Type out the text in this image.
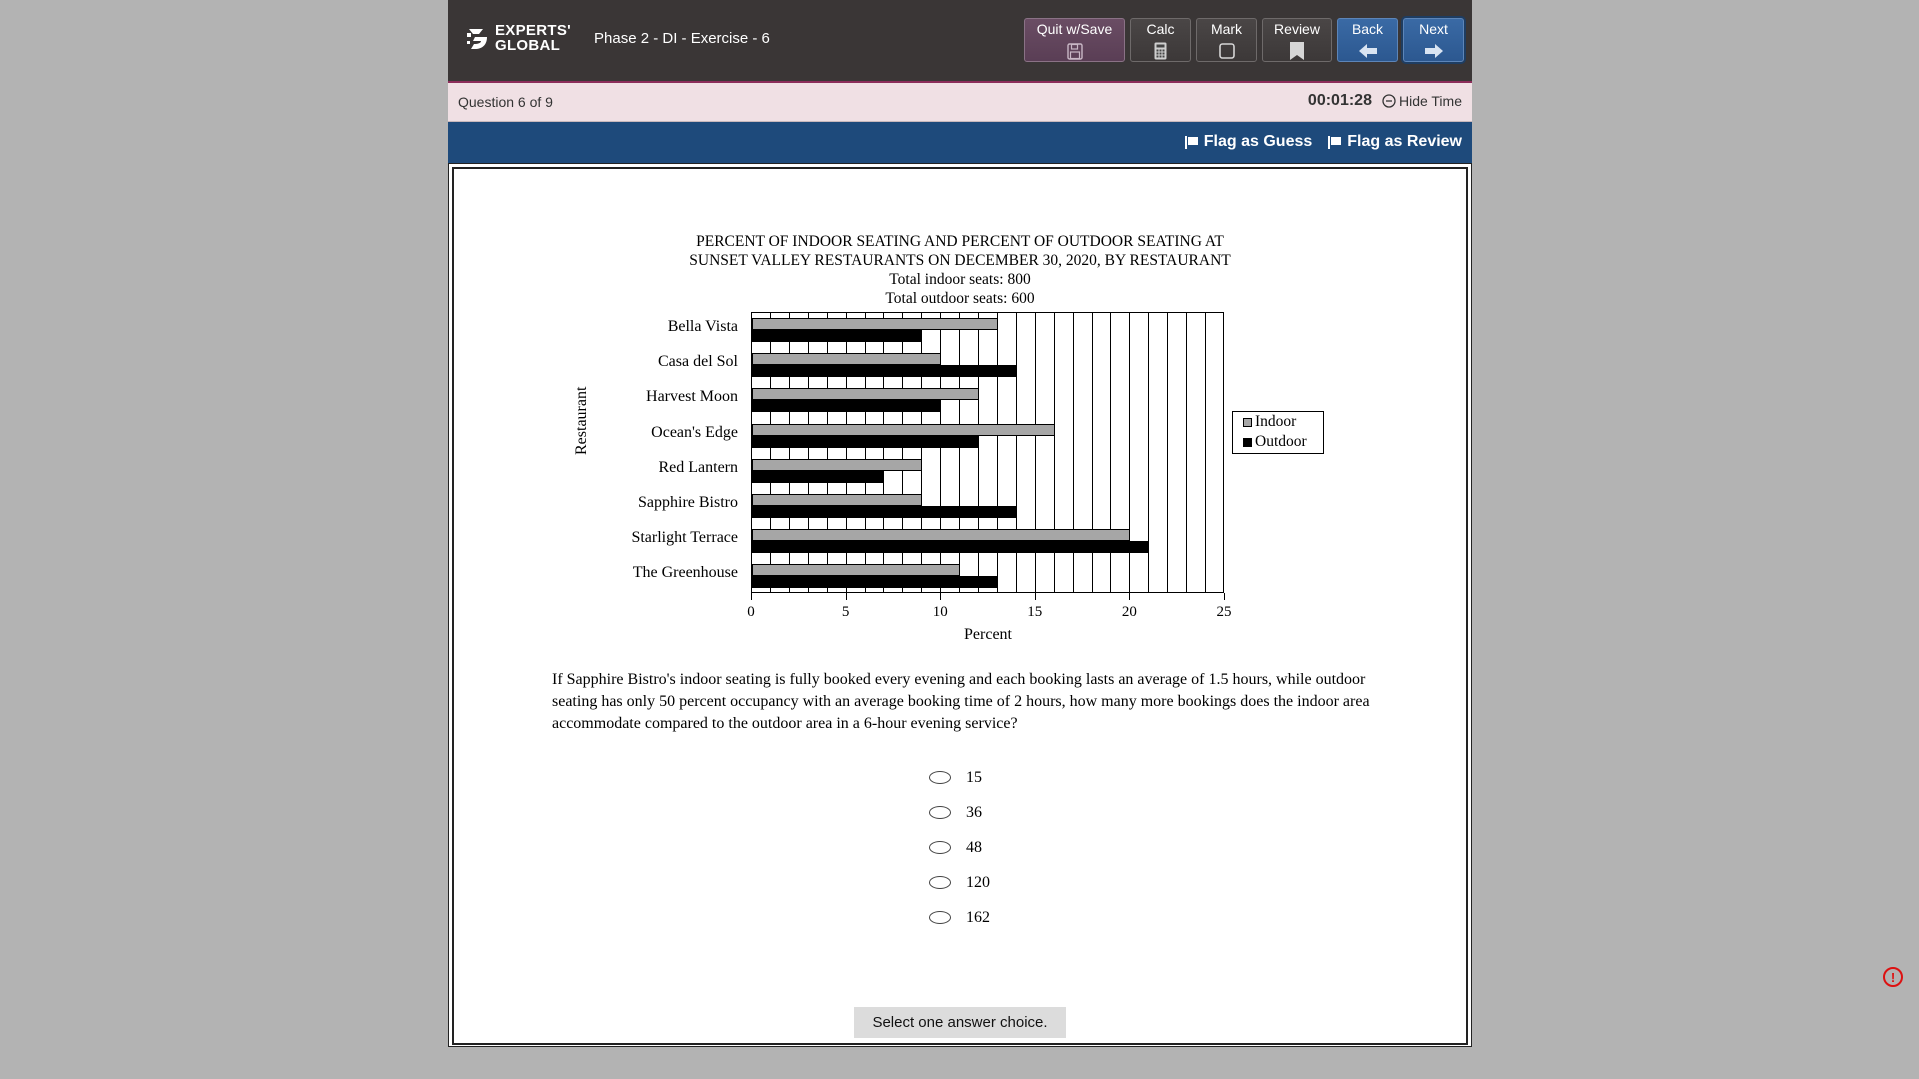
EXPERTS'
GLOBAL	Phase 2 - DI - Exercise - 6
Quit w/Save Calc	Mark Review Back	Next
Question 6 of 9	00:01:28 Hide Time
Flag as Guess Flag as Review
PERCENT OF INDOOR SEATING AND PERCENT OF OUTDOOR SEATING AT
SUNSET VALLEY RESTAURANTS ON DECEMBER 30, 2020, BY RESTAURANT
Total indoor seats: 800
Total outdoor seats: 600
Restaurant
Bella Vista
Casa del Sol
Harvest Moon
Ocean's Edge
Red Lantern
Sapphire Bistro
Starlight Terrace
The Greenhouse
0	5	10	15	20	25
Percent
Indoor
Outdoor
If Sapphire Bistro's indoor seating is fully booked every evening and each booking lasts an average of 1.5 hours, while outdoor seating has only 50 percent occupancy with an average booking time of 2 hours, how many more bookings does the indoor area accommodate compared to the outdoor area in a 6-hour evening service?
15
36
48
120
162
Select one answer choice.
!
